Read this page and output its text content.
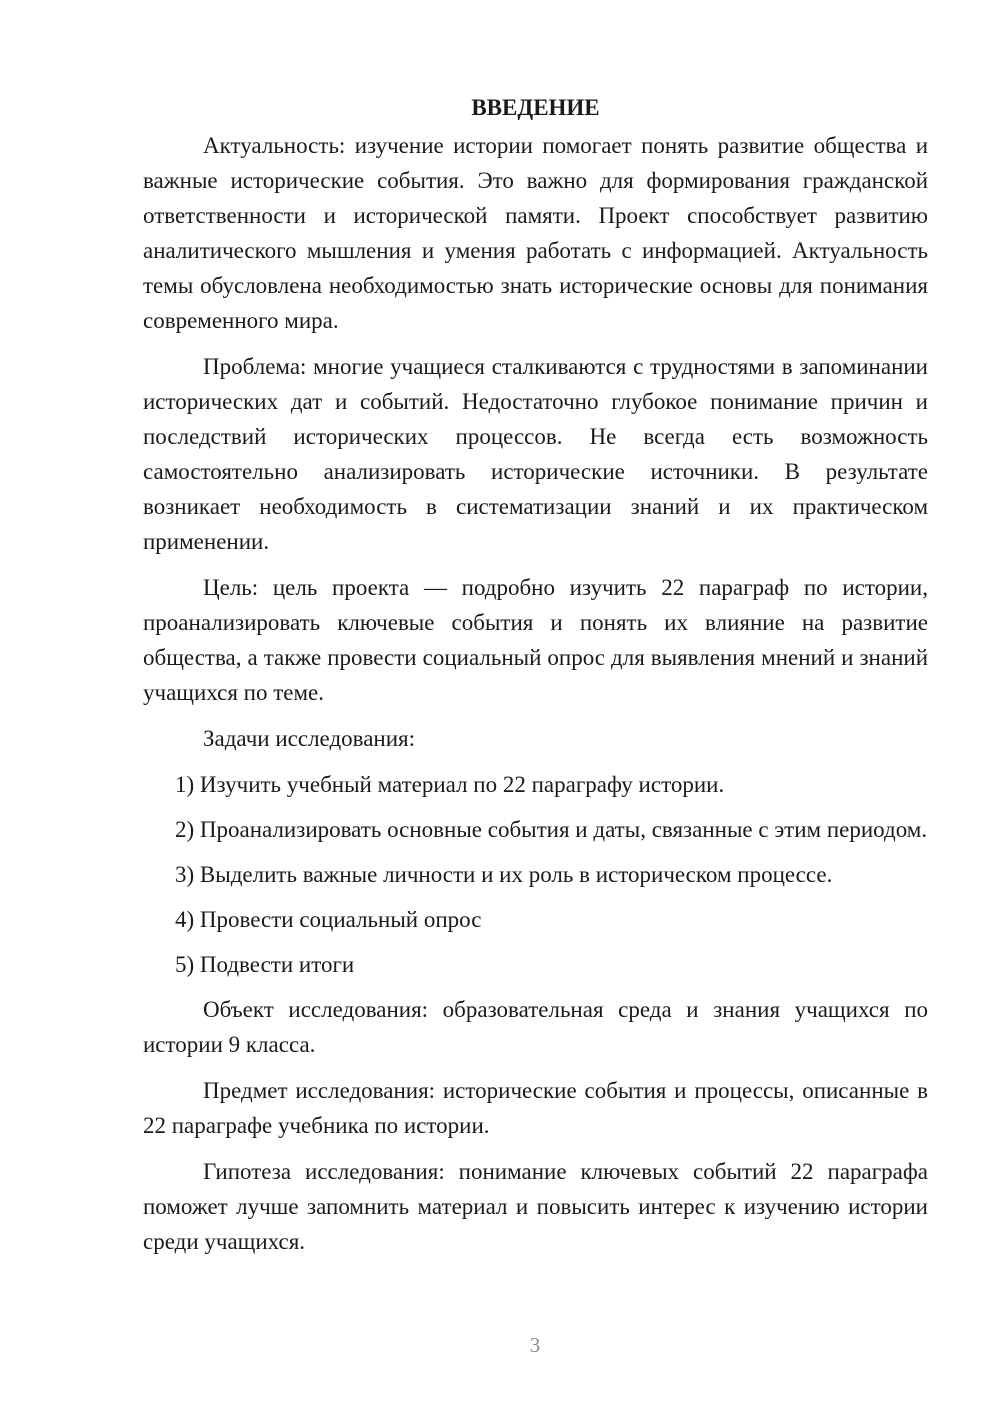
ВВЕДЕНИЕ

Актуальность: изучение истории помогает понять развитие общества и важные исторические события. Это важно для формирования гражданской ответственности и исторической памяти. Проект способствует развитию аналитического мышления и умения работать с информацией. Актуальность темы обусловлена необходимостью знать исторические основы для понимания современного мира.

Проблема: многие учащиеся сталкиваются с трудностями в запоминании исторических дат и событий. Недостаточно глубокое понимание причин и последствий исторических процессов. Не всегда есть возможность самостоятельно анализировать исторические источники. В результате возникает необходимость в систематизации знаний и их практическом применении.

Цель: цель проекта — подробно изучить 22 параграф по истории, проанализировать ключевые события и понять их влияние на развитие общества, а также провести социальный опрос для выявления мнений и знаний учащихся по теме.

Задачи исследования:

1) Изучить учебный материал по 22 параграфу истории.

2) Проанализировать основные события и даты, связанные с этим периодом.

3) Выделить важные личности и их роль в историческом процессе.

4) Провести социальный опрос

5) Подвести итоги

Объект исследования: образовательная среда и знания учащихся по истории 9 класса.

Предмет исследования: исторические события и процессы, описанные в 22 параграфе учебника по истории.

Гипотеза исследования: понимание ключевых событий 22 параграфа поможет лучше запомнить материал и повысить интерес к изучению истории среди учащихся.

3
